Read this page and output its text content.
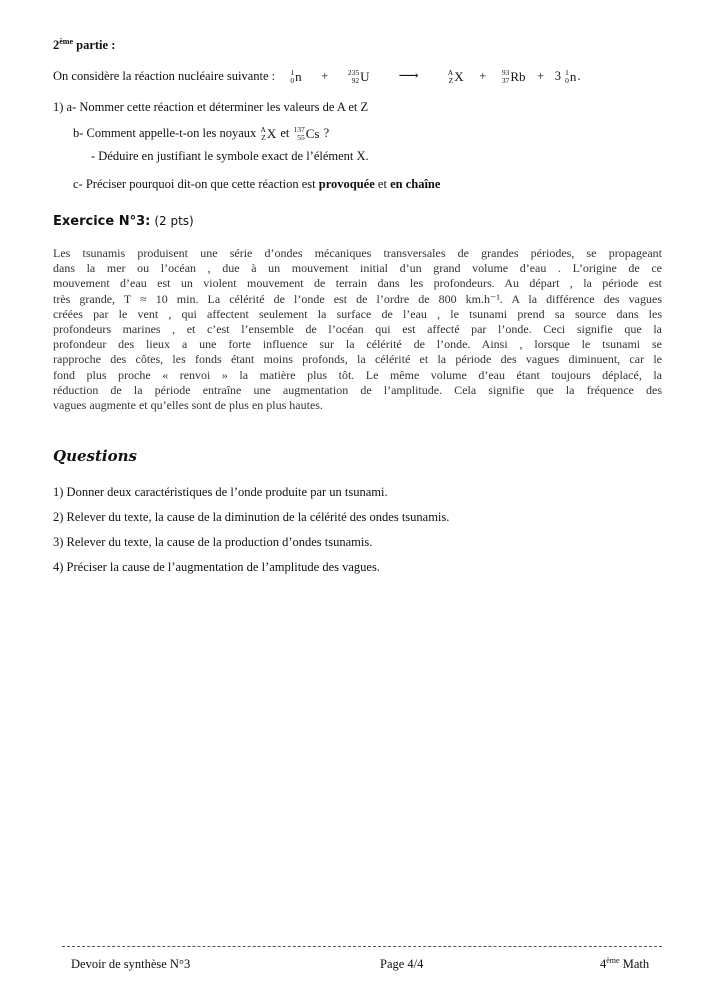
2ème partie :
On considère la réaction nucléaire suivante : 1
0 n +	235
92 U ⟶	A
Z X + 93
37 Rb + 3 1
0 n.
1) a- Nommer cette réaction et déterminer les valeurs de A et Z
b- Comment appelle-t-on les noyaux A
Z X et 137
55 Cs ?
- Déduire en justifiant le symbole exact de l’élément X.
c- Préciser pourquoi dit-on que cette réaction est provoquée et en chaîne
Exercice N°3: (2 pts)
Les tsunamis produisent une série d’ondes mécaniques transversales de grandes périodes, se propageant
dans la mer ou l’océan , due à un mouvement initial d’un grand volume d’eau . L’origine de ce
mouvement d’eau est un violent mouvement de terrain dans les profondeurs. Au départ , la période est
très grande, T ≈ 10 min. La célérité de l’onde est de l’ordre de 800 km.h⁻¹. A la différence des vagues
créées par le vent , qui affectent seulement la surface de l’eau , le tsunami prend sa source dans les
profondeurs marines , et c’est l’ensemble de l’océan qui est affecté par l’onde. Ceci signifie que la
profondeur des lieux a une forte influence sur la célérité de l’onde. Ainsi , lorsque le tsunami se
rapproche des côtes, les fonds étant moins profonds, la célérité et la période des vagues diminuent, car le
fond plus proche « renvoi » la matière plus tôt. Le même volume d’eau étant toujours déplacé, la
réduction de la période entraîne une augmentation de l’amplitude. Cela signifie que la fréquence des
vagues augmente et qu’elles sont de plus en plus hautes.
Questions
1) Donner deux caractéristiques de l’onde produite par un tsunami.
2) Relever du texte, la cause de la diminution de la célérité des ondes tsunamis.
3) Relever du texte, la cause de la production d’ondes tsunamis.
4) Préciser la cause de l’augmentation de l’amplitude des vagues.
Devoir de synthèse N°3	Page 4/4	4ème Math
